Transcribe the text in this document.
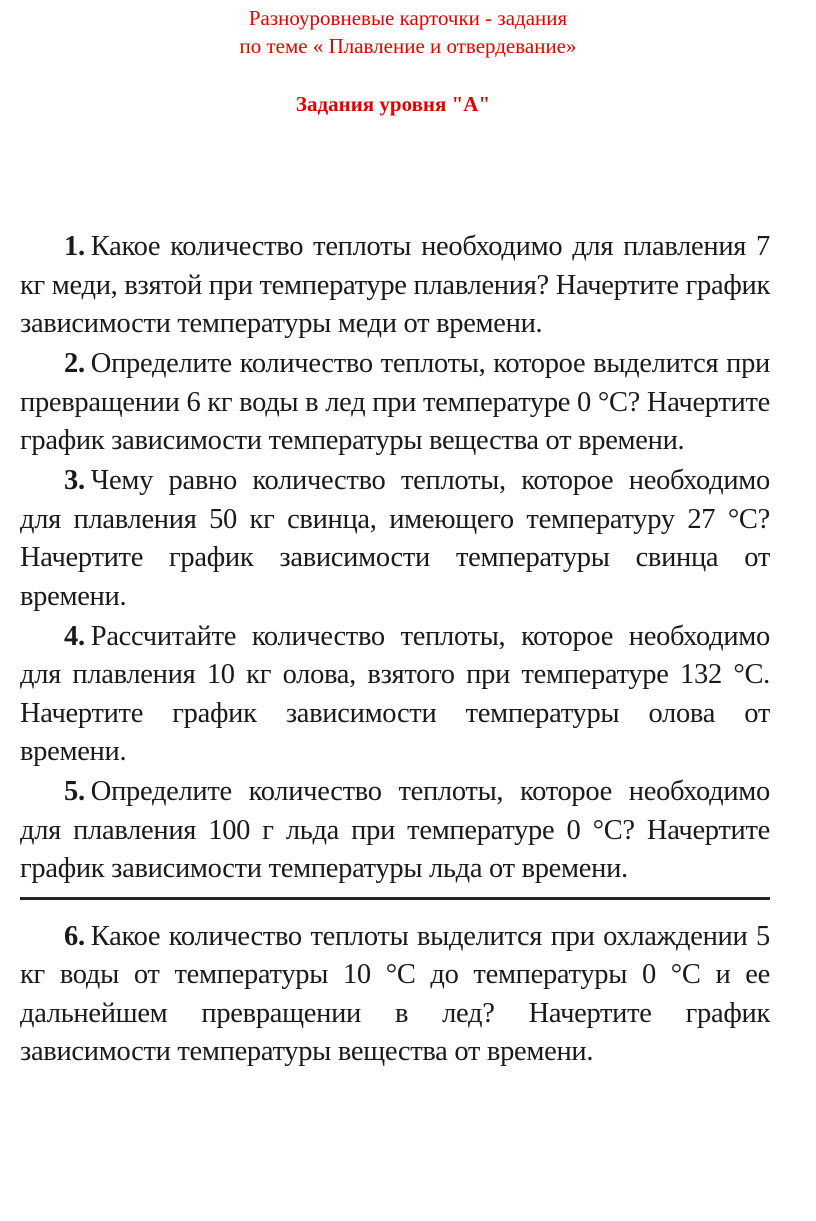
Разноуровневые карточки - задания
по теме « Плавление и отвердевание»
Задания уровня "А"

1. Какое количество теплоты необходимо для плавления 7 кг меди, взятой при температуре плавления? Начертите график зависимости температуры меди от времени.

2. Определите количество теплоты, которое выделится при превращении 6 кг воды в лед при температуре 0 °С? Начертите график зависимости температуры вещества от времени.

3. Чему равно количество теплоты, которое необходимо для плавления 50 кг свинца, имеющего температуру 27 °С? Начертите график зависимости температуры свинца от времени.

4. Рассчитайте количество теплоты, которое необходимо для плавления 10 кг олова, взятого при температуре 132 °С. Начертите график зависимости температуры олова от времени.

5. Определите количество теплоты, которое необходимо для плавления 100 г льда при температуре 0 °С? Начертите график зависимости температуры льда от времени.

6. Какое количество теплоты выделится при охлаждении 5 кг воды от температуры 10 °С до температуры 0 °С и ее дальнейшем превращении в лед? Начертите график зависимости температуры вещества от времени.
